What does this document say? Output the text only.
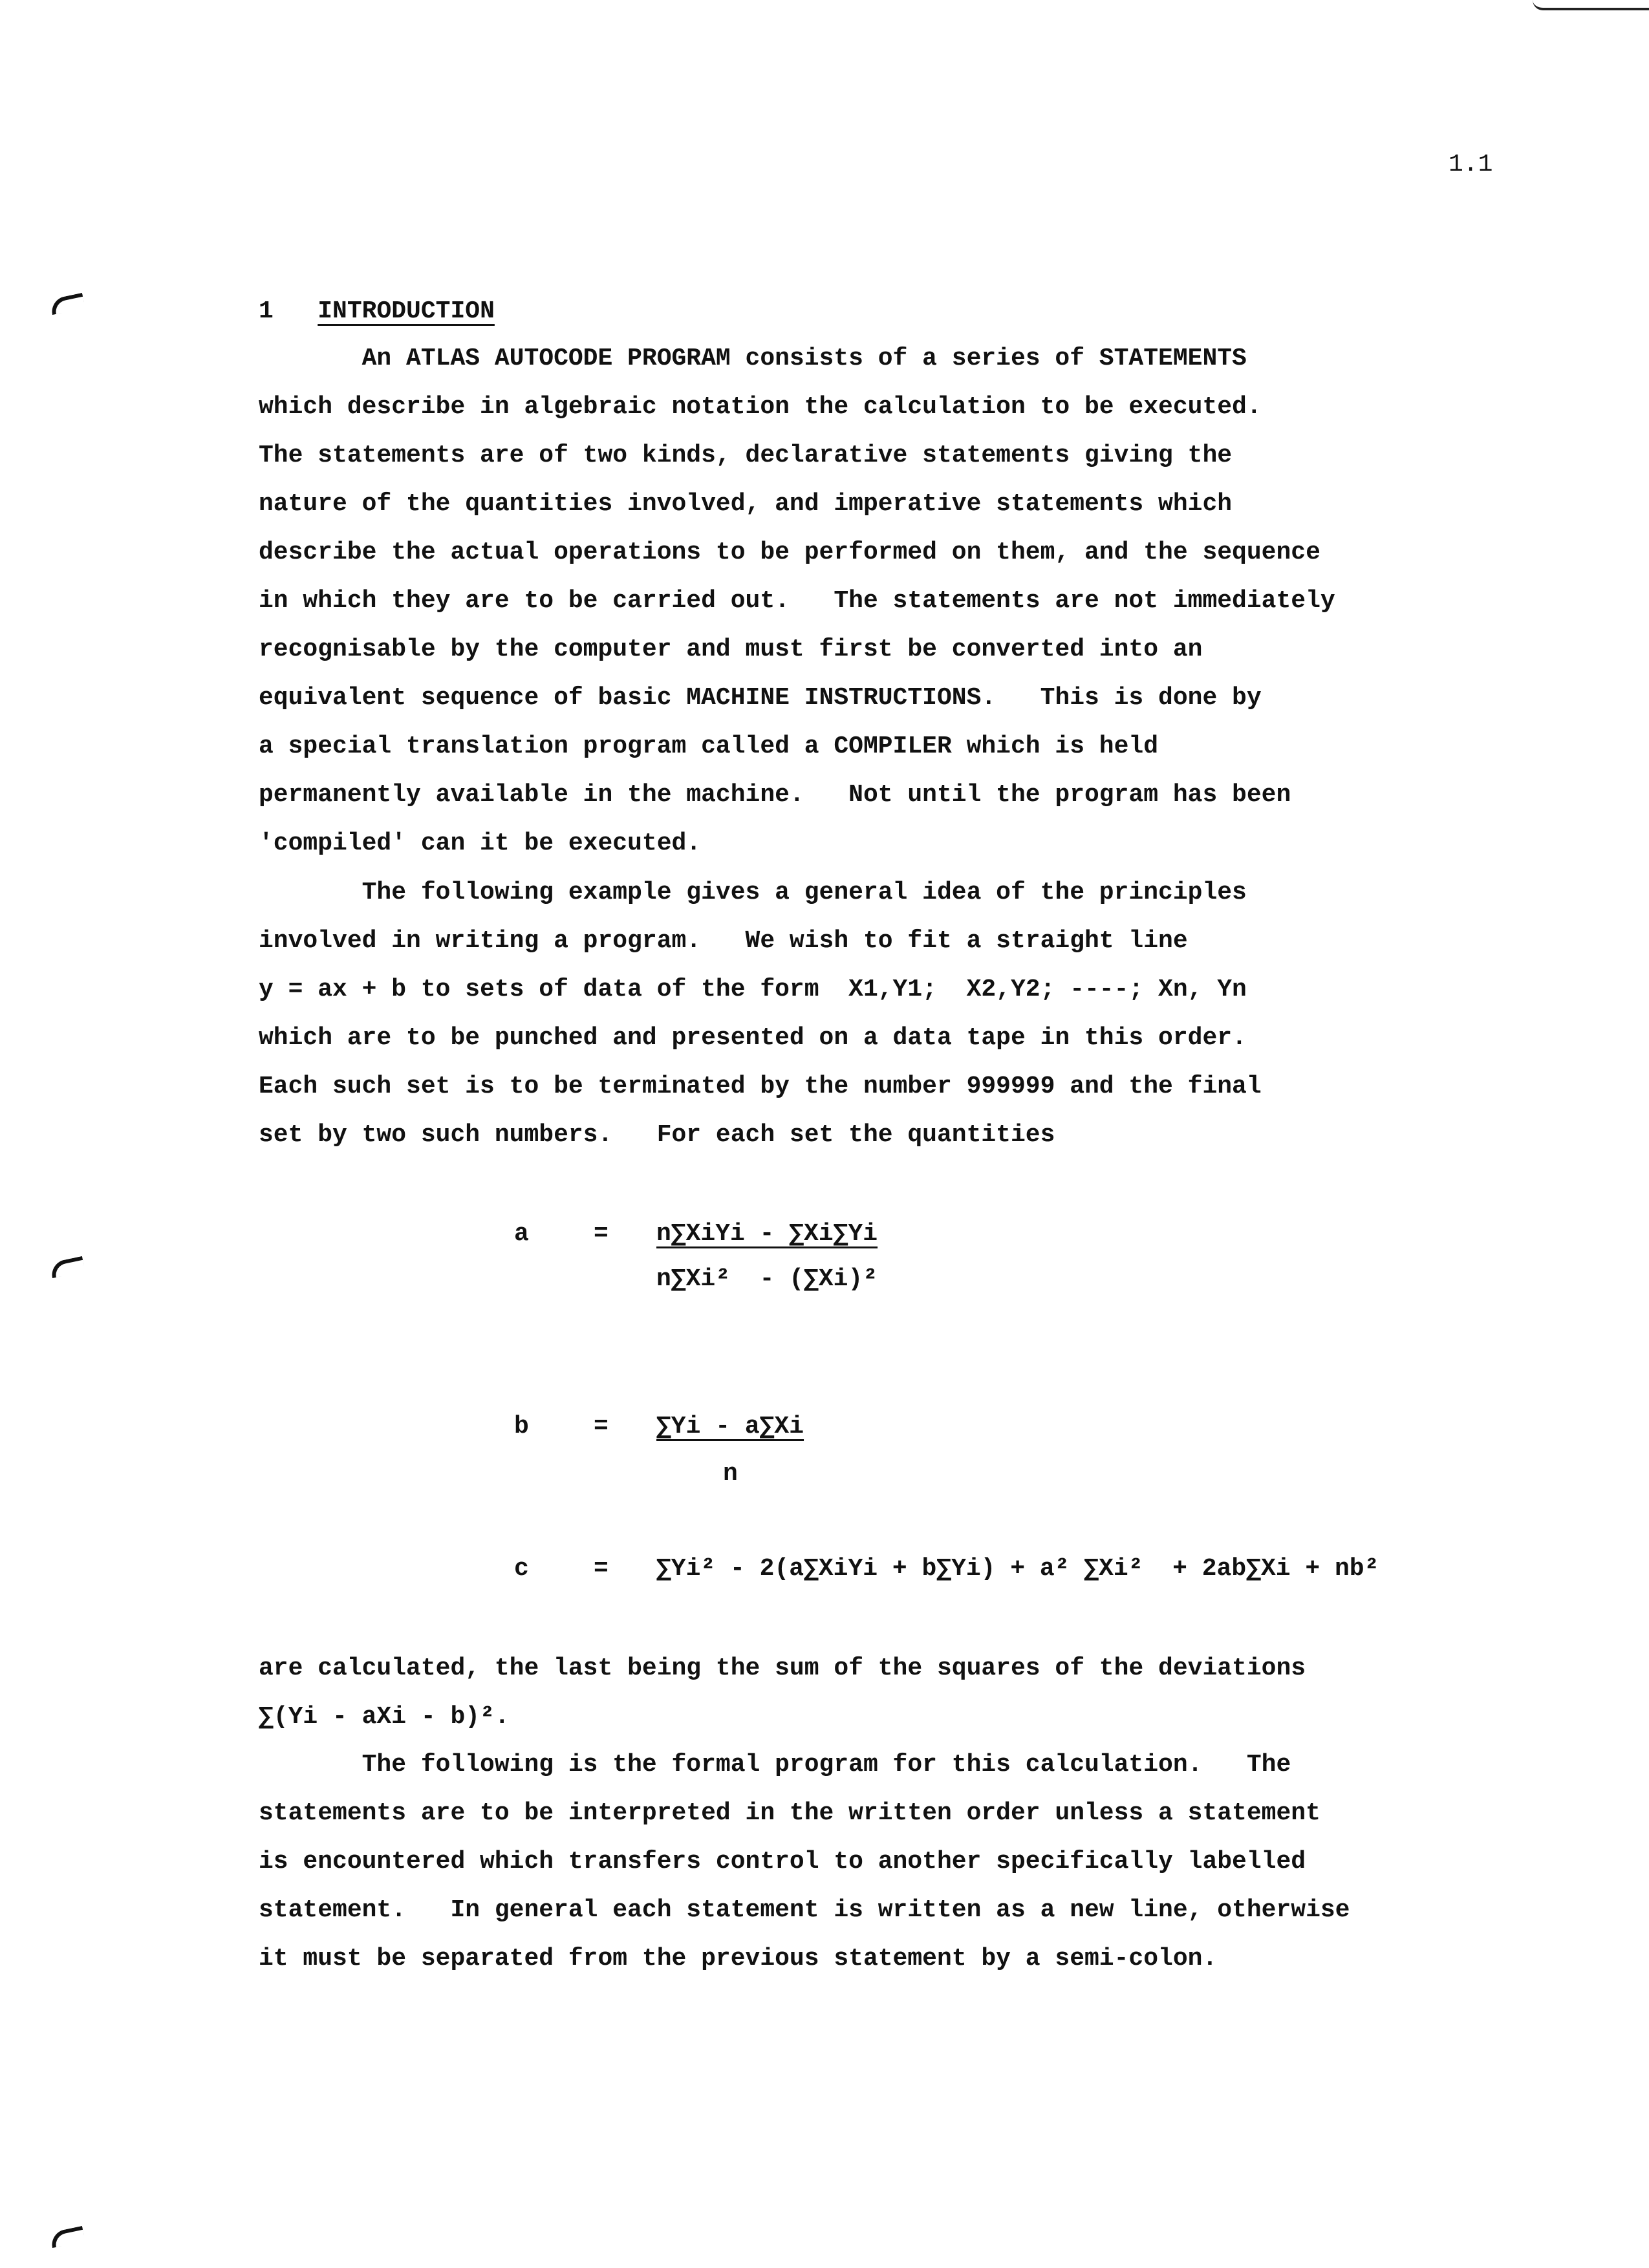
1.1
1 INTRODUCTION
An ATLAS AUTOCODE PROGRAM consists of a series of STATEMENTS
which describe in algebraic notation the calculation to be executed.
The statements are of two kinds, declarative statements giving the
nature of the quantities involved, and imperative statements which
describe the actual operations to be performed on them, and the sequence
in which they are to be carried out.   The statements are not immediately
recognisable by the computer and must first be converted into an
equivalent sequence of basic MACHINE INSTRUCTIONS.   This is done by
a special translation program called a COMPILER which is held
permanently available in the machine.   Not until the program has been
'compiled' can it be executed.
The following example gives a general idea of the principles
involved in writing a program.   We wish to fit a straight line
y = ax + b to sets of data of the form  X1,Y1;  X2,Y2; ----; Xn, Yn
which are to be punched and presented on a data tape in this order.
Each such set is to be terminated by the number 999999 and the final
set by two such numbers.   For each set the quantities
a	= n∑XiYi - ∑Xi∑Yi
n∑Xi²  - (∑Xi)²
b	= ∑Yi - a∑Xi
n
c	= ∑Yi² - 2(a∑XiYi + b∑Yi) + a² ∑Xi²  + 2ab∑Xi + nb²
are calculated, the last being the sum of the squares of the deviations
∑(Yi - aXi - b)².
The following is the formal program for this calculation.   The
statements are to be interpreted in the written order unless a statement
is encountered which transfers control to another specifically labelled
statement.   In general each statement is written as a new line, otherwise
it must be separated from the previous statement by a semi-colon.
